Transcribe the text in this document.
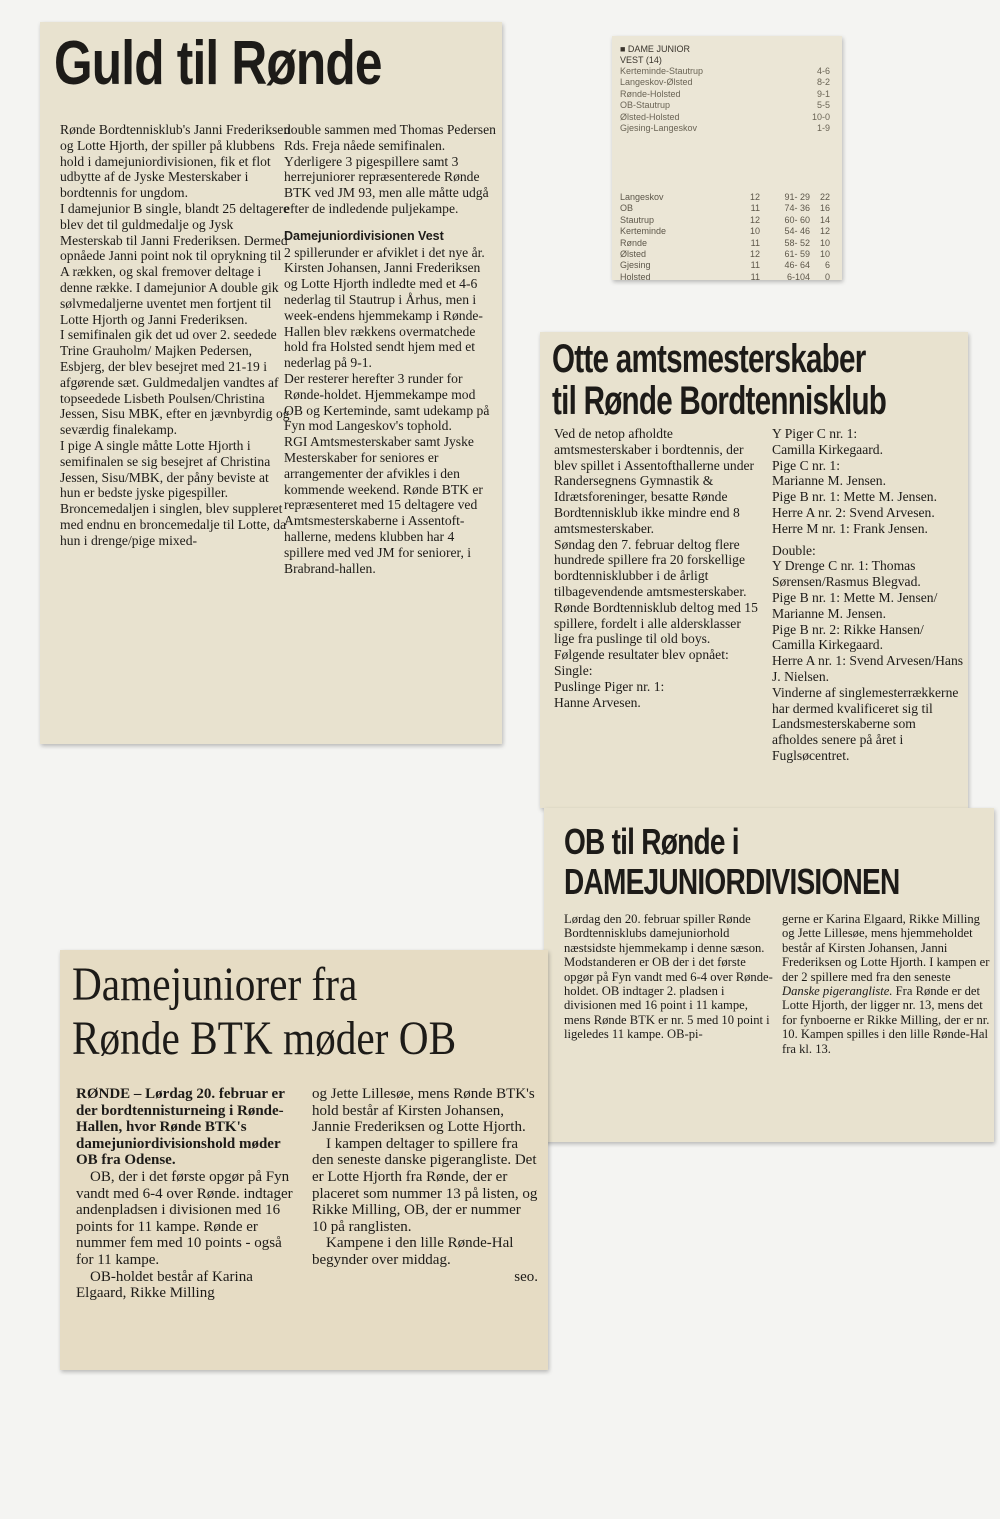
Guld til Rønde

Rønde Bordtennisklub's Janni Frederiksen og Lotte Hjorth, der spiller på klubbens hold i damejuniordivisionen, fik et flot udbytte af de Jyske Mesterskaber i bordtennis for ungdom.

I damejunior B single, blandt 25 deltagere blev det til guldmedalje og Jysk Mesterskab til Janni Frederiksen. Dermed opnåede Janni point nok til oprykning til A rækken, og skal fremover deltage i denne række. I damejunior A double gik sølvmedaljerne uventet men fortjent til Lotte Hjorth og Janni Frederiksen.

I semifinalen gik det ud over 2. seedede Trine Grauholm/ Majken Pedersen, Esbjerg, der blev besejret med 21-19 i afgørende sæt. Guldmedaljen vandtes af topseedede Lisbeth Poulsen/Christina Jessen, Sisu MBK, efter en jævnbyrdig og seværdig finalekamp.

I pige A single måtte Lotte Hjorth i semifinalen se sig besejret af Christina Jessen, Sisu/MBK, der påny beviste at hun er bedste jyske pigespiller. Broncemedaljen i singlen, blev suppleret med endnu en broncemedalje til Lotte, da hun i drenge/pige mixed-

double sammen med Thomas Pedersen Rds. Freja nåede semifinalen.

Yderligere 3 pigespillere samt 3 herrejuniorer repræsenterede Rønde BTK ved JM 93, men alle måtte udgå efter de indledende puljekampe.

Damejuniordivisionen Vest

2 spillerunder er afviklet i det nye år. Kirsten Johansen, Janni Frederiksen og Lotte Hjorth indledte med et 4-6 nederlag til Stautrup i Århus, men i week-endens hjemmekamp i Rønde-Hallen blev rækkens overmatchede hold fra Holsted sendt hjem med et nederlag på 9-1.

Der resterer herefter 3 runder for Rønde-holdet. Hjemmekampe mod OB og Kerteminde, samt udekamp på Fyn mod Langeskov's tophold.

RGI Amtsmesterskaber samt Jyske Mesterskaber for seniores er arrangementer der afvikles i den kommende weekend. Rønde BTK er repræsenteret med 15 deltagere ved Amtsmesterskaberne i Assentoft-hallerne, medens klubben har 4 spillere med ved JM for seniorer, i Brabrand-hallen.

■ DAME JUNIOR
VEST (14)
Kerteminde-Stautrup	4-6
Langeskov-Ølsted	8-2
Rønde-Holsted	9-1
OB-Stautrup	5-5
Ølsted-Holsted	10-0
Gjesing-Langeskov	1-9
Langeskov	12	91- 29	22
OB	11	74- 36	16
Stautrup	12	60- 60	14
Kerteminde	10	54- 46	12
Rønde	11	58- 52	10
Ølsted	12	61- 59	10
Gjesing	11	46- 64	6
Holsted	11	6-104	0
Otte amtsmesterskaber
til Rønde Bordtennisklub

Ved de netop afholdte amtsmesterskaber i bordtennis, der blev spillet i Assentofthallerne under Randersegnens Gymnastik & Idrætsforeninger, besatte Rønde Bordtennisklub ikke mindre end 8 amtsmesterskaber.

Søndag den 7. februar deltog flere hundrede spillere fra 20 forskellige bordtennisklubber i de årligt tilbagevendende amtsmesterskaber.

Rønde Bordtennisklub deltog med 15 spillere, fordelt i alle aldersklasser lige fra puslinge til old boys.

Følgende resultater blev opnået:

Single:

Puslinge Piger nr. 1:

Hanne Arvesen.

Y Piger C nr. 1:

Camilla Kirkegaard.

Pige C nr. 1:

Marianne M. Jensen.

Pige B nr. 1: Mette M. Jensen.

Herre A nr. 2: Svend Arvesen.

Herre M nr. 1: Frank Jensen.

Double:

Y Drenge C nr. 1: Thomas Sørensen/Rasmus Blegvad.

Pige B nr. 1: Mette M. Jensen/ Marianne M. Jensen.

Pige B nr. 2: Rikke Hansen/ Camilla Kirkegaard.

Herre A nr. 1: Svend Arvesen/Hans J. Nielsen.

Vinderne af singlemesterrækkerne har dermed kvalificeret sig til Landsmesterskaberne som afholdes senere på året i Fuglsøcentret.

OB til Rønde i
DAMEJUNIORDIVISIONEN

Lørdag den 20. februar spiller Rønde Bordtennisklubs damejuniorhold næstsidste hjemmekamp i denne sæson. Modstanderen er OB der i det første opgør på Fyn vandt med 6-4 over Rønde-holdet. OB indtager 2. pladsen i divisionen med 16 point i 11 kampe, mens Rønde BTK er nr. 5 med 10 point i ligeledes 11 kampe. OB-pi-

gerne er Karina Elgaard, Rikke Milling og Jette Lillesøe, mens hjemmeholdet består af Kirsten Johansen, Janni Frederiksen og Lotte Hjorth. I kampen er der 2 spillere med fra den seneste Danske pigerangliste. Fra Rønde er det Lotte Hjorth, der ligger nr. 13, mens det for fynboerne er Rikke Milling, der er nr. 10. Kampen spilles i den lille Rønde-Hal fra kl. 13.

Damejuniorer fra
Rønde BTK møder OB

RØNDE – Lørdag 20. februar er der bordtennisturneing i Rønde-Hallen, hvor Rønde BTK's damejuniordivisionshold møder OB fra Odense.

OB, der i det første opgør på Fyn vandt med 6-4 over Rønde. indtager andenpladsen i divisionen med 16 points for 11 kampe. Rønde er nummer fem med 10 points - også for 11 kampe.

OB-holdet består af Karina Elgaard, Rikke Milling

og Jette Lillesøe, mens Rønde BTK's hold består af Kirsten Johansen, Jannie Frederiksen og Lotte Hjorth.

I kampen deltager to spillere fra den seneste danske pigerangliste. Det er Lotte Hjorth fra Rønde, der er placeret som nummer 13 på listen, og Rikke Milling, OB, der er nummer 10 på ranglisten.

Kampene i den lille Rønde-Hal begynder over middag.

seo.
